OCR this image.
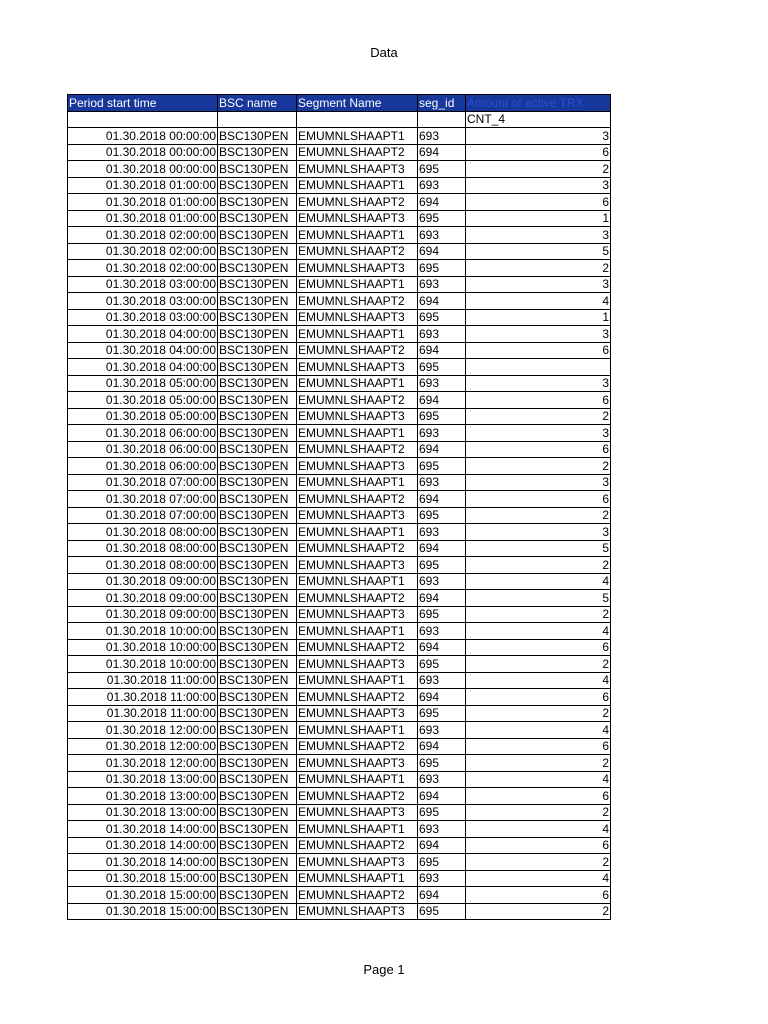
Data
Period start time	BSC name	Segment Name	seg_id	Amount of active TRX
				CNT_4
01.30.2018 00:00:00	BSC130PEN	EMUMNLSHAAPT1	693	3
01.30.2018 00:00:00	BSC130PEN	EMUMNLSHAAPT2	694	6
01.30.2018 00:00:00	BSC130PEN	EMUMNLSHAAPT3	695	2
01.30.2018 01:00:00	BSC130PEN	EMUMNLSHAAPT1	693	3
01.30.2018 01:00:00	BSC130PEN	EMUMNLSHAAPT2	694	6
01.30.2018 01:00:00	BSC130PEN	EMUMNLSHAAPT3	695	1
01.30.2018 02:00:00	BSC130PEN	EMUMNLSHAAPT1	693	3
01.30.2018 02:00:00	BSC130PEN	EMUMNLSHAAPT2	694	5
01.30.2018 02:00:00	BSC130PEN	EMUMNLSHAAPT3	695	2
01.30.2018 03:00:00	BSC130PEN	EMUMNLSHAAPT1	693	3
01.30.2018 03:00:00	BSC130PEN	EMUMNLSHAAPT2	694	4
01.30.2018 03:00:00	BSC130PEN	EMUMNLSHAAPT3	695	1
01.30.2018 04:00:00	BSC130PEN	EMUMNLSHAAPT1	693	3
01.30.2018 04:00:00	BSC130PEN	EMUMNLSHAAPT2	694	6
01.30.2018 04:00:00	BSC130PEN	EMUMNLSHAAPT3	695	
01.30.2018 05:00:00	BSC130PEN	EMUMNLSHAAPT1	693	3
01.30.2018 05:00:00	BSC130PEN	EMUMNLSHAAPT2	694	6
01.30.2018 05:00:00	BSC130PEN	EMUMNLSHAAPT3	695	2
01.30.2018 06:00:00	BSC130PEN	EMUMNLSHAAPT1	693	3
01.30.2018 06:00:00	BSC130PEN	EMUMNLSHAAPT2	694	6
01.30.2018 06:00:00	BSC130PEN	EMUMNLSHAAPT3	695	2
01.30.2018 07:00:00	BSC130PEN	EMUMNLSHAAPT1	693	3
01.30.2018 07:00:00	BSC130PEN	EMUMNLSHAAPT2	694	6
01.30.2018 07:00:00	BSC130PEN	EMUMNLSHAAPT3	695	2
01.30.2018 08:00:00	BSC130PEN	EMUMNLSHAAPT1	693	3
01.30.2018 08:00:00	BSC130PEN	EMUMNLSHAAPT2	694	5
01.30.2018 08:00:00	BSC130PEN	EMUMNLSHAAPT3	695	2
01.30.2018 09:00:00	BSC130PEN	EMUMNLSHAAPT1	693	4
01.30.2018 09:00:00	BSC130PEN	EMUMNLSHAAPT2	694	5
01.30.2018 09:00:00	BSC130PEN	EMUMNLSHAAPT3	695	2
01.30.2018 10:00:00	BSC130PEN	EMUMNLSHAAPT1	693	4
01.30.2018 10:00:00	BSC130PEN	EMUMNLSHAAPT2	694	6
01.30.2018 10:00:00	BSC130PEN	EMUMNLSHAAPT3	695	2
01.30.2018 11:00:00	BSC130PEN	EMUMNLSHAAPT1	693	4
01.30.2018 11:00:00	BSC130PEN	EMUMNLSHAAPT2	694	6
01.30.2018 11:00:00	BSC130PEN	EMUMNLSHAAPT3	695	2
01.30.2018 12:00:00	BSC130PEN	EMUMNLSHAAPT1	693	4
01.30.2018 12:00:00	BSC130PEN	EMUMNLSHAAPT2	694	6
01.30.2018 12:00:00	BSC130PEN	EMUMNLSHAAPT3	695	2
01.30.2018 13:00:00	BSC130PEN	EMUMNLSHAAPT1	693	4
01.30.2018 13:00:00	BSC130PEN	EMUMNLSHAAPT2	694	6
01.30.2018 13:00:00	BSC130PEN	EMUMNLSHAAPT3	695	2
01.30.2018 14:00:00	BSC130PEN	EMUMNLSHAAPT1	693	4
01.30.2018 14:00:00	BSC130PEN	EMUMNLSHAAPT2	694	6
01.30.2018 14:00:00	BSC130PEN	EMUMNLSHAAPT3	695	2
01.30.2018 15:00:00	BSC130PEN	EMUMNLSHAAPT1	693	4
01.30.2018 15:00:00	BSC130PEN	EMUMNLSHAAPT2	694	6
01.30.2018 15:00:00	BSC130PEN	EMUMNLSHAAPT3	695	2
Page 1
